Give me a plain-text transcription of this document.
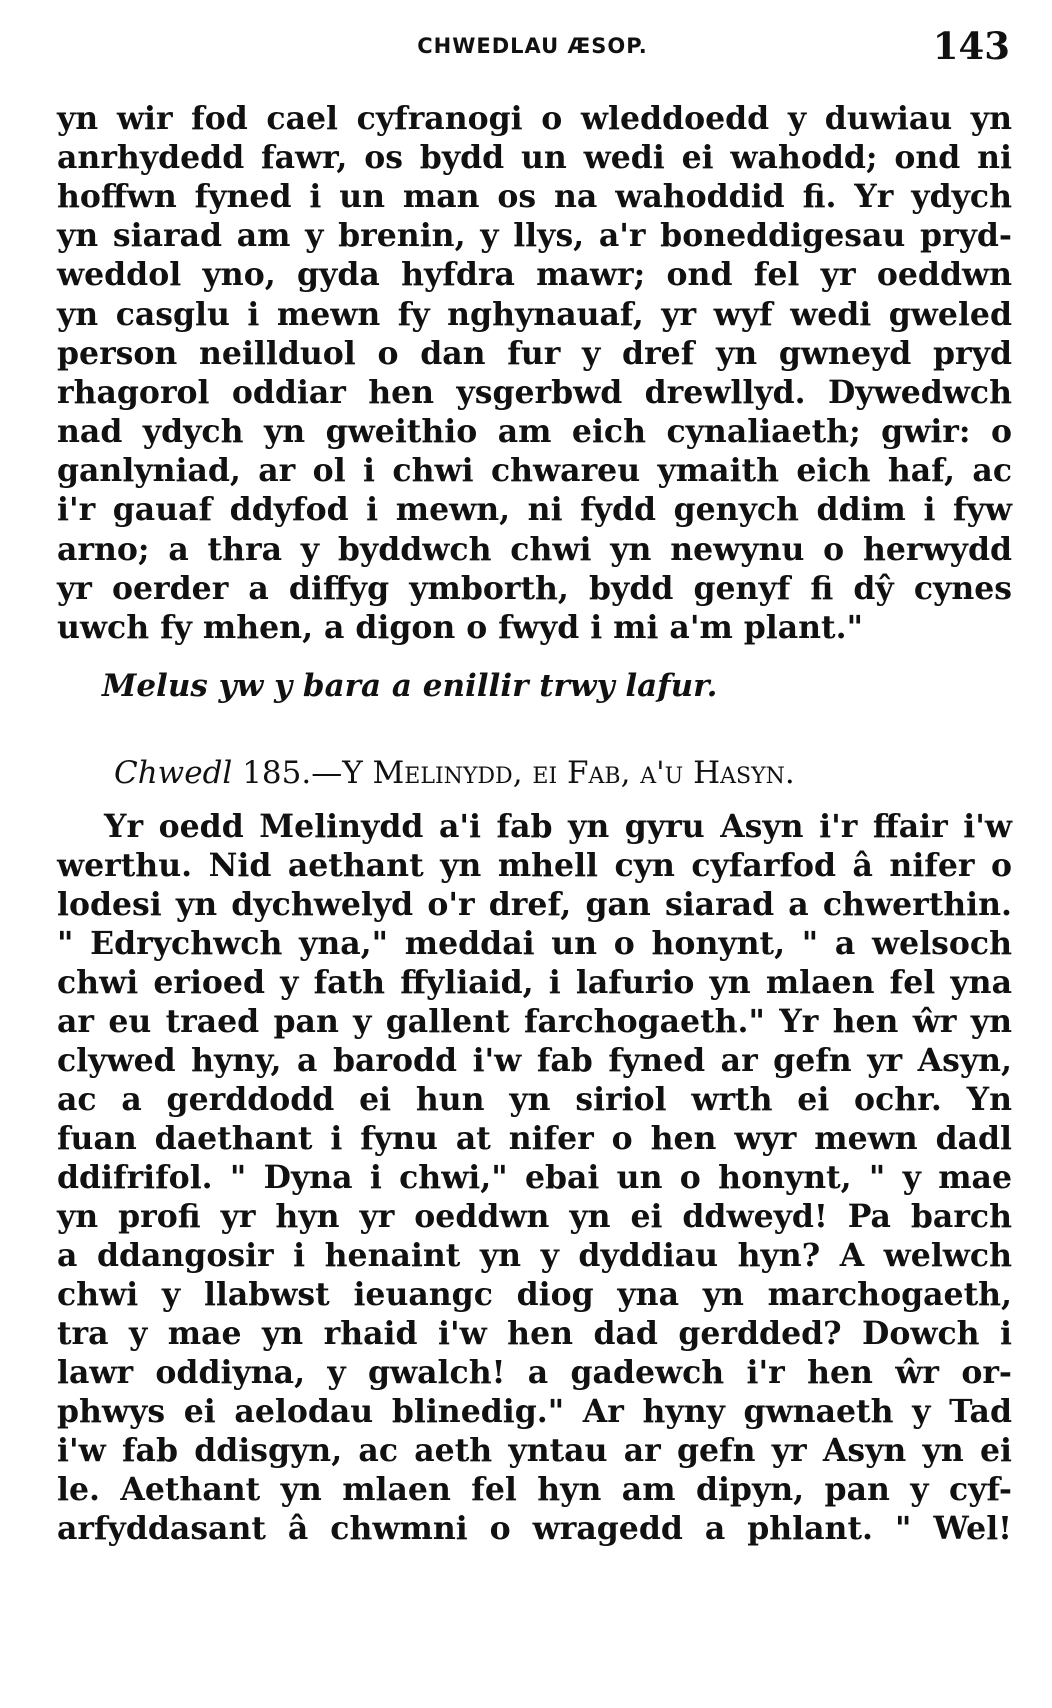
CHWEDLAU ÆSOP.	143
yn wir fod cael cyfranogi o wleddoedd y duwiau yn
anrhydedd fawr, os bydd un wedi ei wahodd; ond ni
hoffwn fyned i un man os na wahoddid fi. Yr ydych
yn siarad am y brenin, y llys, a'r boneddigesau pryd-
weddol yno, gyda hyfdra mawr; ond fel yr oeddwn
yn casglu i mewn fy nghynauaf, yr wyf wedi gweled
person neillduol o dan fur y dref yn gwneyd pryd
rhagorol oddiar hen ysgerbwd drewllyd. Dywedwch
nad ydych yn gweithio am eich cynaliaeth; gwir: o
ganlyniad, ar ol i chwi chwareu ymaith eich haf, ac
i'r gauaf ddyfod i mewn, ni fydd genych ddim i fyw
arno; a thra y byddwch chwi yn newynu o herwydd
yr oerder a diffyg ymborth, bydd genyf fi dŷ cynes
uwch fy mhen, a digon o fwyd i mi a'm plant."
Melus yw y bara a enillir trwy lafur.
Chwedl 185.—Y Melinydd, ei Fab, a'u Hasyn.
Yr oedd Melinydd a'i fab yn gyru Asyn i'r ffair i'w
werthu. Nid aethant yn mhell cyn cyfarfod â nifer o
lodesi yn dychwelyd o'r dref, gan siarad a chwerthin.
" Edrychwch yna," meddai un o honynt, " a welsoch
chwi erioed y fath ffyliaid, i lafurio yn mlaen fel yna
ar eu traed pan y gallent farchogaeth." Yr hen ŵr yn
clywed hyny, a barodd i'w fab fyned ar gefn yr Asyn,
ac a gerddodd ei hun yn siriol wrth ei ochr. Yn
fuan daethant i fynu at nifer o hen wyr mewn dadl
ddifrifol. " Dyna i chwi," ebai un o honynt, " y mae
yn profi yr hyn yr oeddwn yn ei ddweyd! Pa barch
a ddangosir i henaint yn y dyddiau hyn? A welwch
chwi y llabwst ieuangc diog yna yn marchogaeth,
tra y mae yn rhaid i'w hen dad gerdded? Dowch i
lawr oddiyna, y gwalch! a gadewch i'r hen ŵr or-
phwys ei aelodau blinedig." Ar hyny gwnaeth y Tad
i'w fab ddisgyn, ac aeth yntau ar gefn yr Asyn yn ei
le. Aethant yn mlaen fel hyn am dipyn, pan y cyf-
arfyddasant â chwmni o wragedd a phlant. " Wel!
